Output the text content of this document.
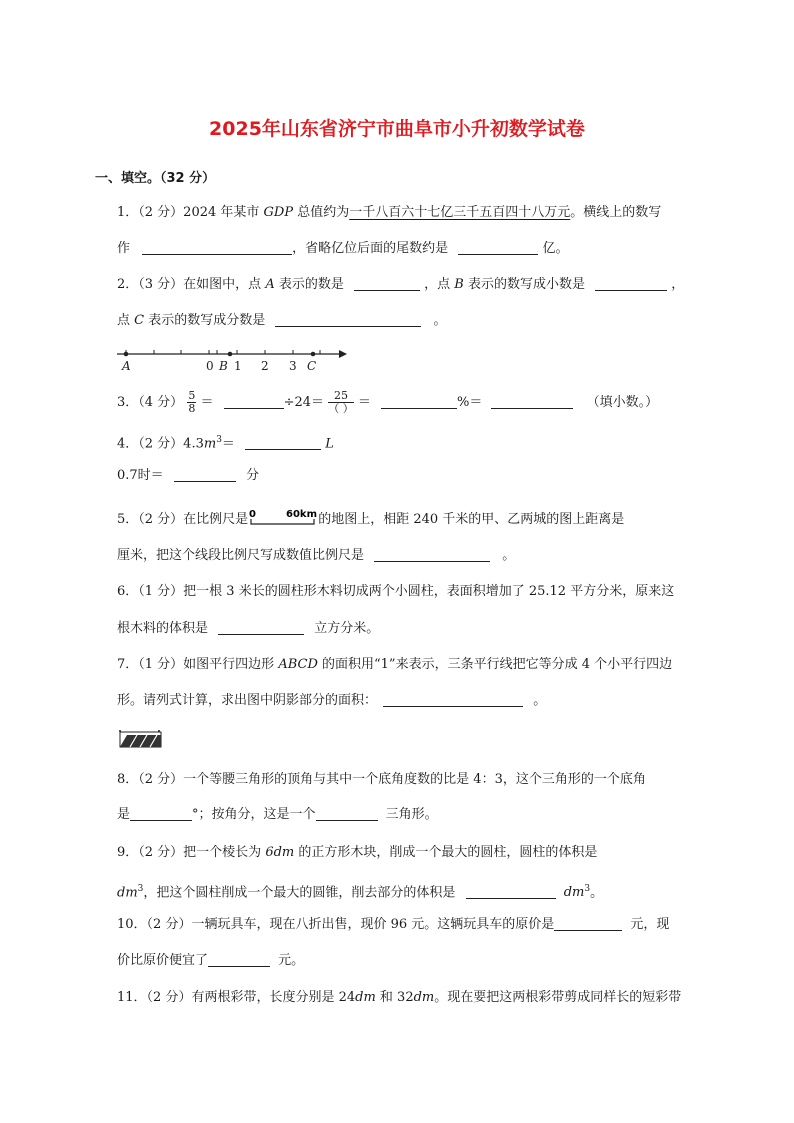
2025年山东省济宁市曲阜市小升初数学试卷
一、填空。（32 分）
1．（2 分）2024 年某市 GDP 总值约为一千八百六十七亿三千五百四十八万元。横线上的数写
作	，省略亿位后面的尾数约是	亿。
2．（3 分）在如图中，点 A 表示的数是	，点 B 表示的数写成小数是	，
点 C 表示的数写成分数是	。
A	0 B 1 2 3 C
3．（4 分） $\frac{5}{8}$ ＝	$\div 24= \frac{25}{( )}$ ＝	%＝	（填小数。）
4．（2 分）$4.3m^3=$	L
0.7时＝	分
5．（2 分）在比例尺是 0	60km 的地图上，相距 240 千米的甲、乙两城的图上距离是
厘米，把这个线段比例尺写成数值比例尺是	。
6．（1 分）把一根 3 米长的圆柱形木料切成两个小圆柱，表面积增加了 25.12 平方分米，原来这
根木料的体积是	立方分米。
7．（1 分）如图平行四边形 ABCD 的面积用“1”来表示，三条平行线把它等分成 4 个小平行四边
形。请列式计算，求出图中阴影部分的面积：	。
8．（2 分）一个等腰三角形的顶角与其中一个底角度数的比是 4：3，这个三角形的一个底角
是	°；按角分，这是一个	三角形。
9．（2 分）把一个棱长为 6dm 的正方形木块，削成一个最大的圆柱，圆柱的体积是
$dm^3$，把这个圆柱削成一个最大的圆锥，削去部分的体积是	$dm^3$。
10．（2 分）一辆玩具车，现在八折出售，现价 96 元。这辆玩具车的原价是	元，现
价比原价便宜了	元。
11．（2 分）有两根彩带，长度分别是 24dm 和 32dm。现在要把这两根彩带剪成同样长的短彩带
